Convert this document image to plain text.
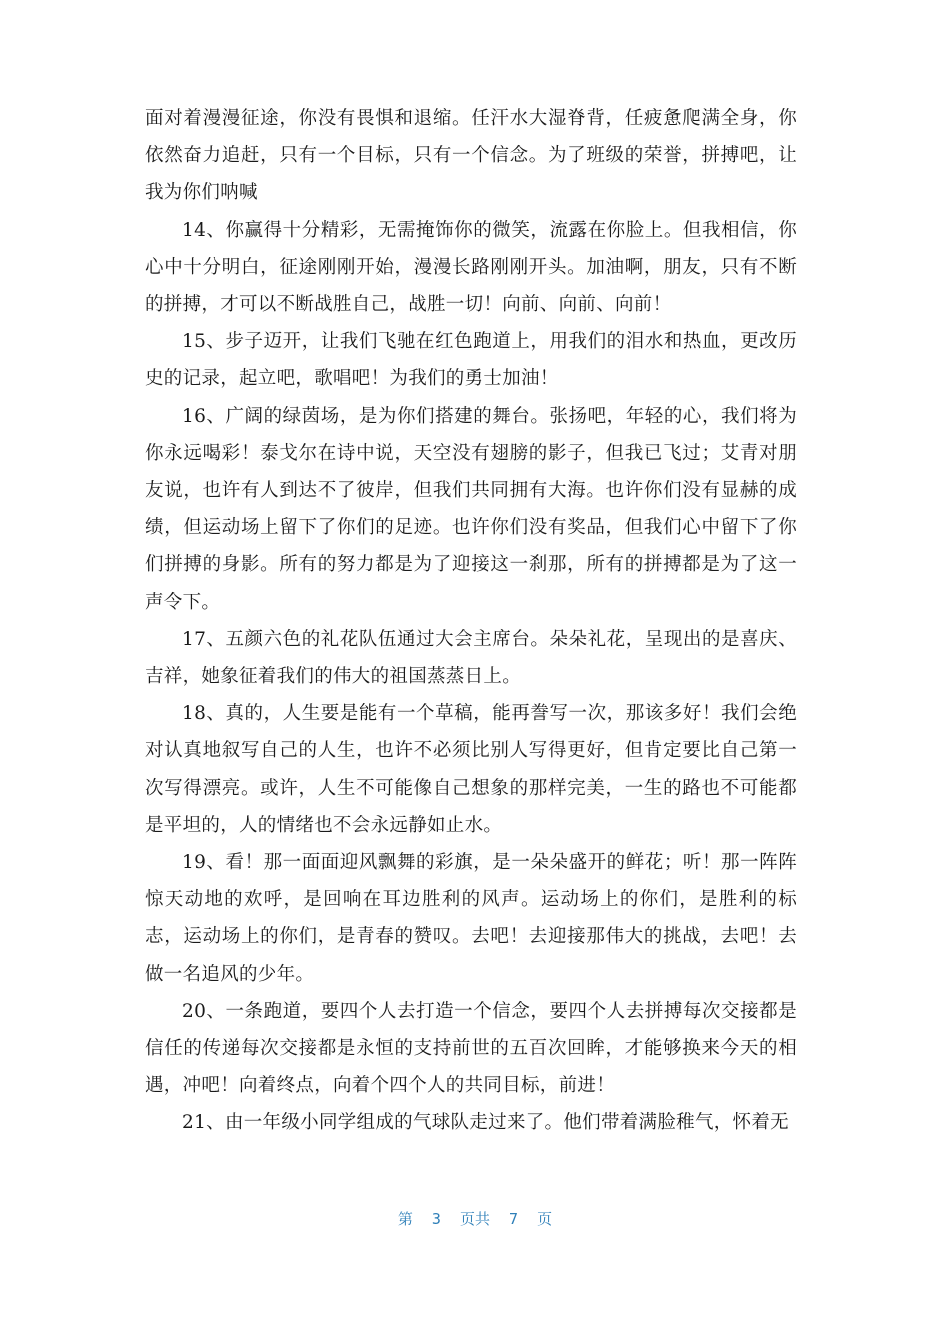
面对着漫漫征途，你没有畏惧和退缩。任汗水大湿脊背，任疲惫爬满全身，你依然奋力追赶，只有一个目标，只有一个信念。为了班级的荣誉，拼搏吧，让我为你们呐喊

14、你赢得十分精彩，无需掩饰你的微笑，流露在你脸上。但我相信，你心中十分明白，征途刚刚开始，漫漫长路刚刚开头。加油啊，朋友，只有不断的拼搏，才可以不断战胜自己，战胜一切！向前、向前、向前！

15、步子迈开，让我们飞驰在红色跑道上，用我们的泪水和热血，更改历史的记录，起立吧，歌唱吧！为我们的勇士加油！

16、广阔的绿茵场，是为你们搭建的舞台。张扬吧，年轻的心，我们将为你永远喝彩！泰戈尔在诗中说，天空没有翅膀的影子，但我已飞过；艾青对朋友说，也许有人到达不了彼岸，但我们共同拥有大海。也许你们没有显赫的成绩，但运动场上留下了你们的足迹。也许你们没有奖品，但我们心中留下了你们拼搏的身影。所有的努力都是为了迎接这一刹那，所有的拼搏都是为了这一声令下。

17、五颜六色的礼花队伍通过大会主席台。朵朵礼花，呈现出的是喜庆、吉祥，她象征着我们的伟大的祖国蒸蒸日上。

18、真的，人生要是能有一个草稿，能再誊写一次，那该多好！我们会绝对认真地叙写自己的人生，也许不必须比别人写得更好，但肯定要比自己第一次写得漂亮。或许，人生不可能像自己想象的那样完美，一生的路也不可能都是平坦的，人的情绪也不会永远静如止水。

19、看！那一面面迎风飘舞的彩旗，是一朵朵盛开的鲜花；听！那一阵阵惊天动地的欢呼，是回响在耳边胜利的风声。运动场上的你们，是胜利的标志，运动场上的你们，是青春的赞叹。去吧！去迎接那伟大的挑战，去吧！去做一名追风的少年。

20、一条跑道，要四个人去打造一个信念，要四个人去拼搏每次交接都是信任的传递每次交接都是永恒的支持前世的五百次回眸，才能够换来今天的相遇，冲吧！向着终点，向着个四个人的共同目标，前进！

21、由一年级小同学组成的气球队走过来了。他们带着满脸稚气，怀着无

第 3 页共 7 页
